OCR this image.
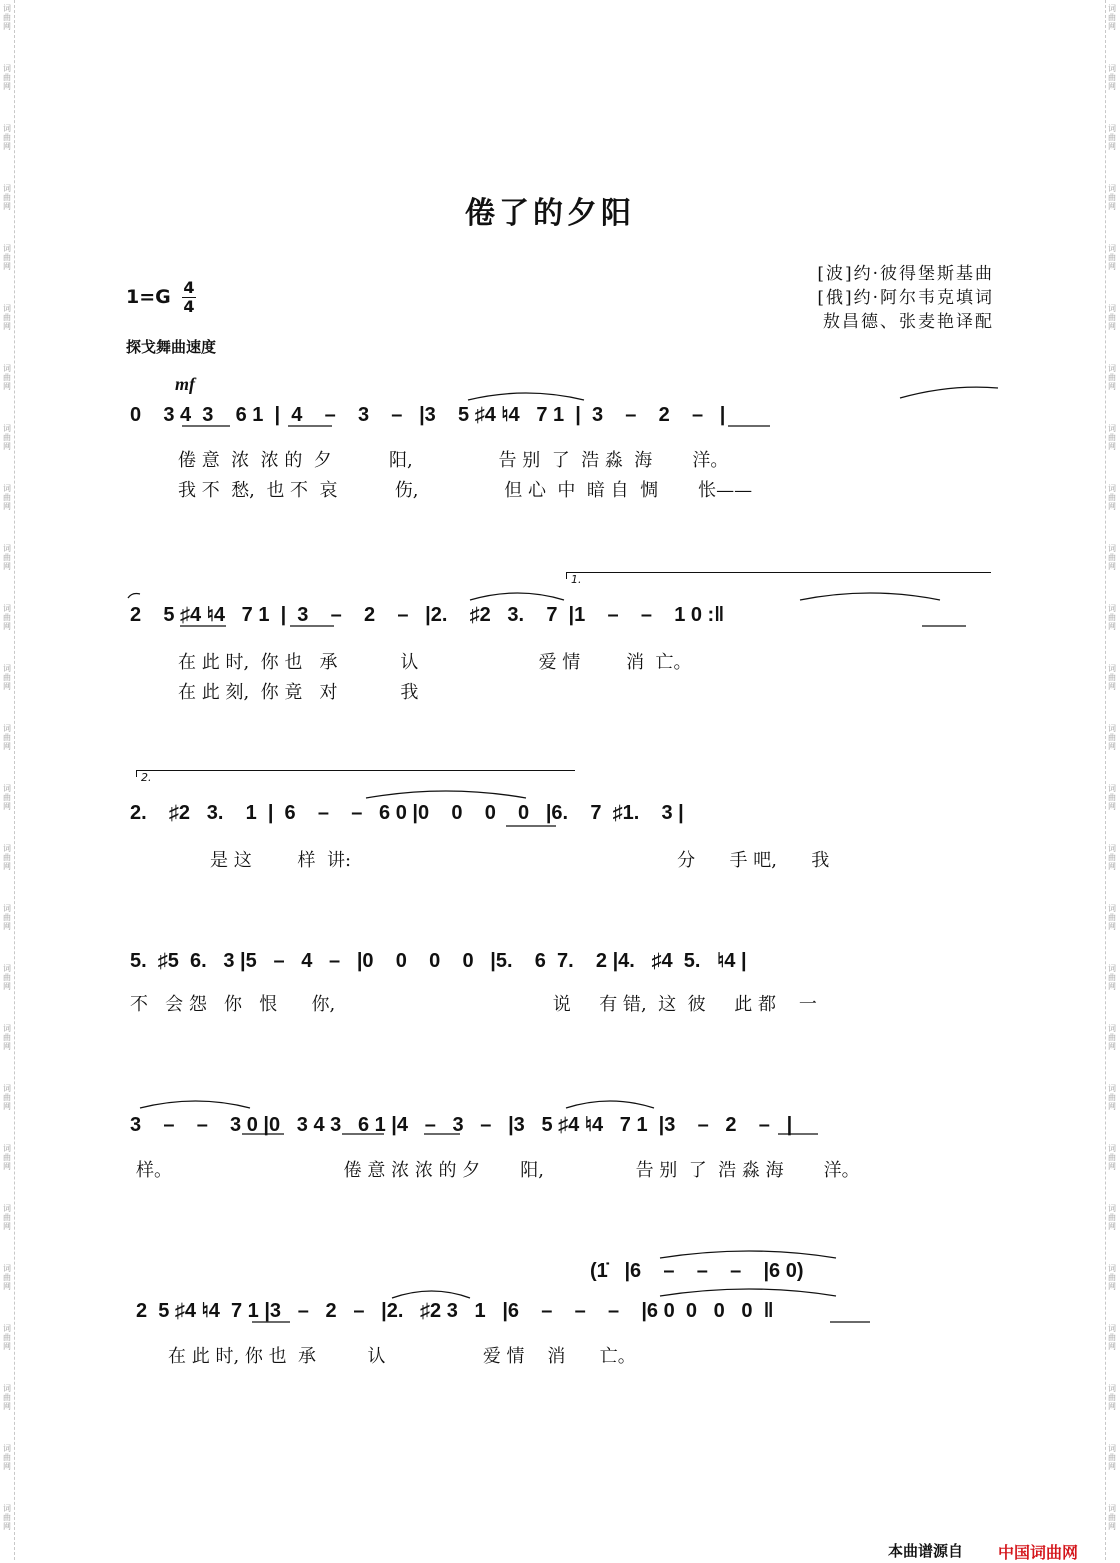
词
曲
网
词
曲
网
词
曲
网
词
曲
网
词
曲
网
词
曲
网
词
曲
网
词
曲
网
词
曲
网
词
曲
网
词
曲
网
词
曲
网
词
曲
网
词
曲
网
词
曲
网
词
曲
网
词
曲
网
词
曲
网
词
曲
网
词
曲
网
词
曲
网
词
曲
网
词
曲
网
词
曲
网
词
曲
网
词
曲
网
词
曲
网
词
曲
网
词
曲
网
词
曲
网
词
曲
网
词
曲
网
词
曲
网
词
曲
网
词
曲
网
词
曲
网
词
曲
网
词
曲
网
词
曲
网
词
曲
网
词
曲
网
词
曲
网
词
曲
网
词
曲
网
词
曲
网
词
曲
网
词
曲
网
词
曲
网
词
曲
网
词
曲
网
词
曲
网
词
曲
网
倦了的夕阳
1=G 4
4
探戈舞曲速度
[波]约·彼得堡斯基曲
[俄]约·阿尔韦克填词
敖昌德、张麦艳译配
mf
0    3 4  3    6 1  |  4    –    3    –   |3    5 ♯4 ♮4   7 1  |  3    –    2    –   |
倦 意  浓  浓 的  夕          阳,               告 别  了  浩 淼  海       洋。
我 不  愁,  也 不  哀          伤,               但 心  中  暗 自  惆       怅——
1.
2    5 ♯4 ♮4   7 1  |  3    –    2    –   |2.    ♯2   3.    7  |1    –    –    1 0 :‖
在 此 时,  你 也   承           认                     爱 情        消  亡。
在 此 刻,  你 竟   对           我
2.
2.    ♯2   3.    1  |  6    –    –   6 0 |0    0    0    0   |6.    7  ♯1.    3 |
是 这        样  讲:                                                         分      手 吧,      我
5.  ♯5  6.   3 |5   –   4   –   |0    0    0    0   |5.    6  7.    2 |4.   ♯4  5.   ♮4 |
不   会 怨   你   恨      你,                                      说     有 错,  这  彼     此 都    一
3    –    –    3 0 |0   3 4 3   6 1 |4   –   3   –   |3   5 ♯4 ♮4   7 1  |3    –   2    –   |
样。                              倦 意 浓 浓 的 夕       阳,                告 别  了  浩 淼 海       洋。
(1̇   |6    –    –    –    |6 0)
2  5 ♯4 ♮4  7 1 |3   –   2   –   |2.   ♯2 3   1   |6    –    –    –    |6 0  0   0   0  ‖
在 此 时, 你 也  承         认                 爱 情    消      亡。
本曲谱源自 中国词曲网
